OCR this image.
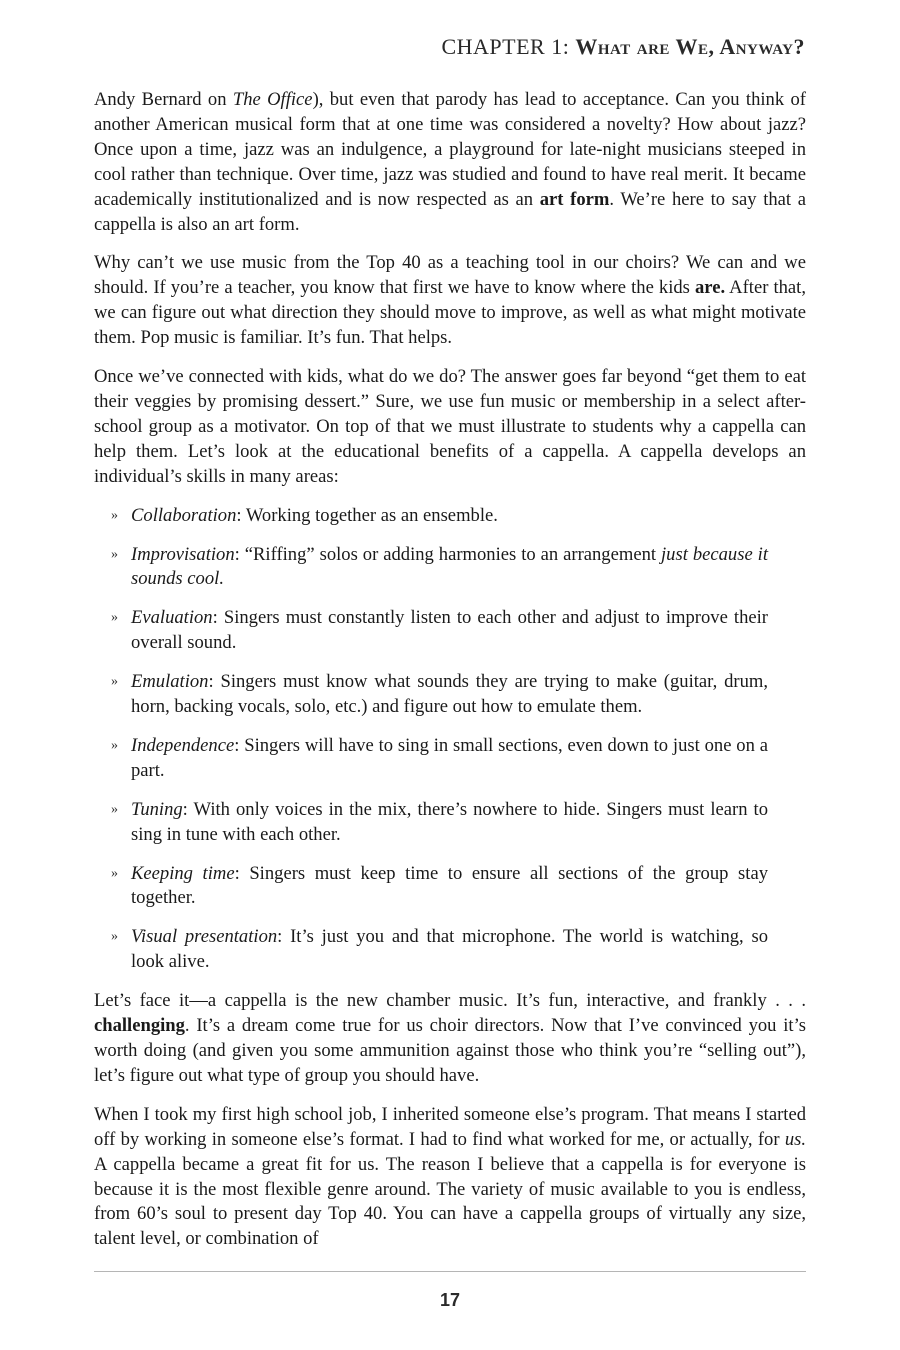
CHAPTER 1: What are We, Anyway?

Andy Bernard on The Office), but even that parody has lead to acceptance. Can you think of another American musical form that at one time was considered a novelty? How about jazz? Once upon a time, jazz was an indulgence, a playground for late-night musicians steeped in cool rather than technique. Over time, jazz was studied and found to have real merit. It became academically institutionalized and is now respected as an art form. We’re here to say that a cappella is also an art form.

Why can’t we use music from the Top 40 as a teaching tool in our choirs? We can and we should. If you’re a teacher, you know that first we have to know where the kids are. After that, we can figure out what direction they should move to improve, as well as what might motivate them. Pop music is familiar. It’s fun. That helps.

Once we’ve connected with kids, what do we do? The answer goes far beyond “get them to eat their veggies by promising dessert.” Sure, we use fun music or membership in a select after-school group as a motivator. On top of that we must illustrate to students why a cappella can help them. Let’s look at the educational benefits of a cappella. A cappella develops an individual’s skills in many areas:

» Collaboration: Working together as an ensemble.
» Improvisation: “Riffing” solos or adding harmonies to an arrangement just because it sounds cool.
» Evaluation: Singers must constantly listen to each other and adjust to improve their overall sound.
» Emulation: Singers must know what sounds they are trying to make (guitar, drum, horn, backing vocals, solo, etc.) and figure out how to emulate them.
» Independence: Singers will have to sing in small sections, even down to just one on a part.
» Tuning: With only voices in the mix, there’s nowhere to hide. Singers must learn to sing in tune with each other.
» Keeping time: Singers must keep time to ensure all sections of the group stay together.
» Visual presentation: It’s just you and that microphone. The world is watching, so look alive.

Let’s face it—a cappella is the new chamber music. It’s fun, interactive, and frankly . . . challenging. It’s a dream come true for us choir directors. Now that I’ve convinced you it’s worth doing (and given you some ammunition against those who think you’re “selling out”), let’s figure out what type of group you should have.

When I took my first high school job, I inherited someone else’s program. That means I started off by working in someone else’s format. I had to find what worked for me, or actually, for us. A cappella became a great fit for us. The reason I believe that a cappella is for everyone is because it is the most flexible genre around. The variety of music available to you is endless, from 60’s soul to present day Top 40. You can have a cappella groups of virtually any size, talent level, or combination of

17
